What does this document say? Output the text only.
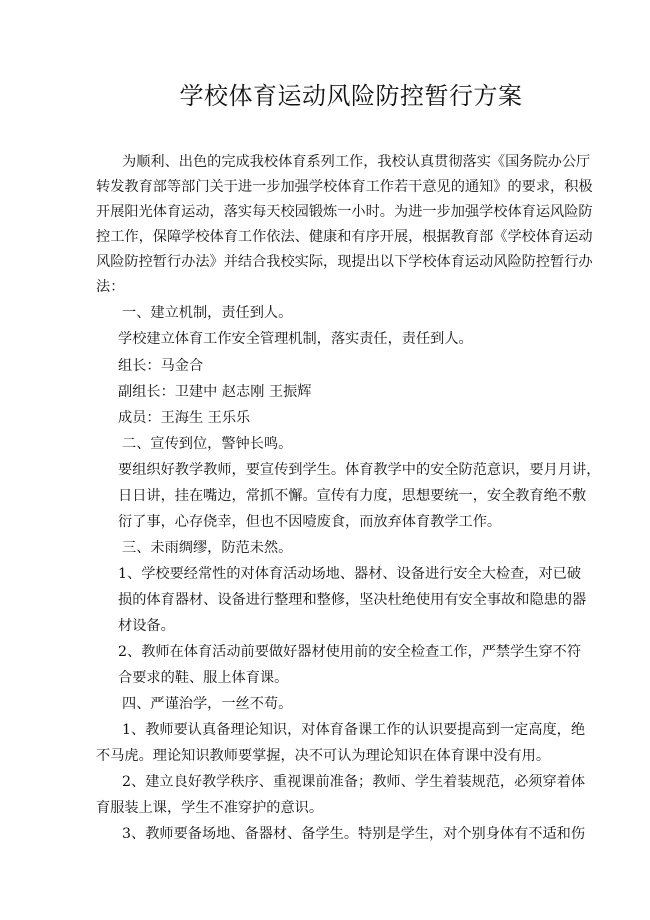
学校体育运动风险防控暂行方案
为顺利、出色的完成我校体育系列工作，我校认真贯彻落实《国务院办公厅
转发教育部等部门关于进一步加强学校体育工作若干意见的通知》的要求，积极
开展阳光体育运动，落实每天校园锻炼一小时。为进一步加强学校体育运风险防
控工作，保障学校体育工作依法、健康和有序开展，根据教育部《学校体育运动
风险防控暂行办法》并结合我校实际，现提出以下学校体育运动风险防控暂行办
法：
一、建立机制，责任到人。
学校建立体育工作安全管理机制，落实责任，责任到人。
组长：马金合
副组长：卫建中 赵志刚 王振辉
成员：王海生 王乐乐
二、宣传到位，警钟长鸣。
要组织好教学教师，要宣传到学生。体育教学中的安全防范意识，要月月讲，
日日讲，挂在嘴边，常抓不懈。宣传有力度，思想要统一，安全教育绝不敷
衍了事，心存侥幸，但也不因噎废食，而放弃体育教学工作。
三、未雨绸缪，防范未然。
1、学校要经常性的对体育活动场地、器材、设备进行安全大检查，对已破
损的体育器材、设备进行整理和整修，坚决杜绝使用有安全事故和隐患的器
材设备。
2、教师在体育活动前要做好器材使用前的安全检查工作，严禁学生穿不符
合要求的鞋、服上体育课。
四、严谨治学，一丝不苟。
1、教师要认真备理论知识，对体育备课工作的认识要提高到一定高度，绝
不马虎。理论知识教师要掌握，决不可认为理论知识在体育课中没有用。
2、建立良好教学秩序、重视课前准备；教师、学生着装规范，必须穿着体
育服装上课，学生不准穿护的意识。
3、教师要备场地、备器材、备学生。特别是学生，对个别身体有不适和伤
